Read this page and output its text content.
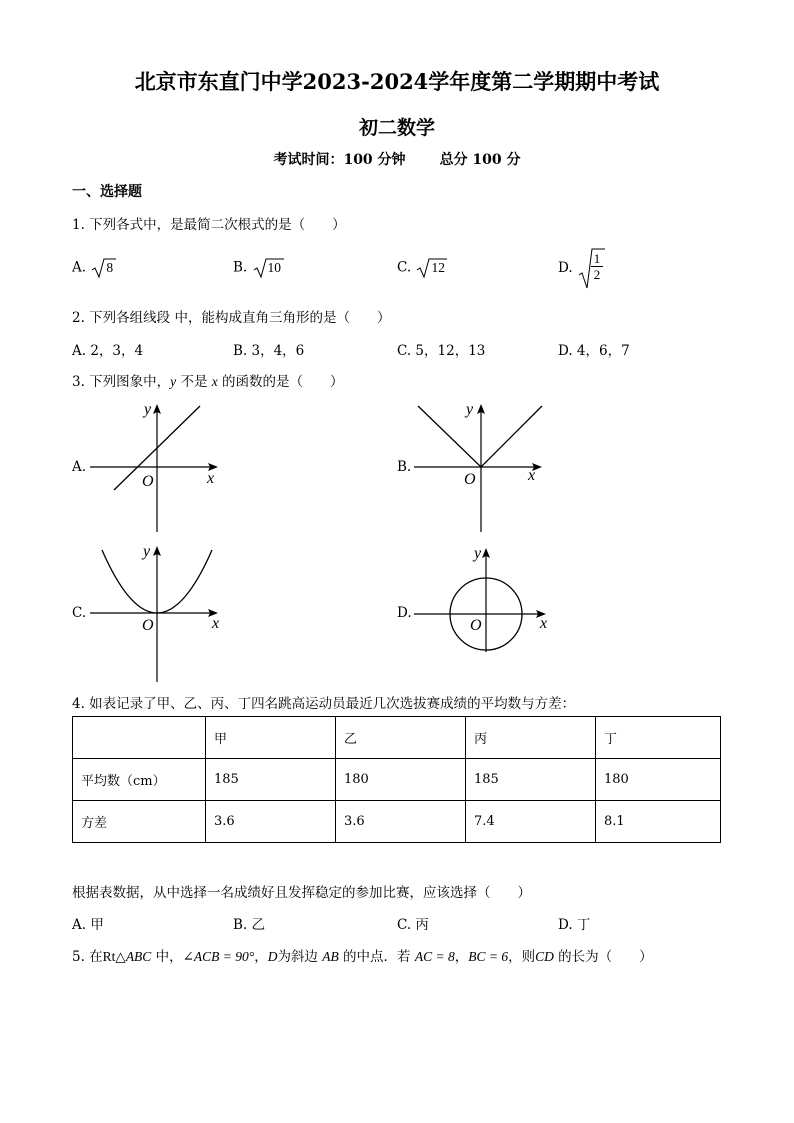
北京市东直门中学2023-2024学年度第二学期期中考试
初二数学
考试时间：100 分钟 总分 100 分
一、选择题
1. 下列各式中，是最简二次根式的是（　　）
A. 8	B. 10	C. 12	D.
1
2
2. 下列各组线段 中，能构成直角三角形的是（　　）
A. 2，3，4	B. 3，4，6	C. 5，12，13	D. 4，6，7
3. 下列图象中，y 不是 x 的函数的是（　　）
A.
y
x
O
B.
y
x
O
C.
y
x
O
D.
y
x
O
4. 如表记录了甲、乙、丙、丁四名跳高运动员最近几次选拔赛成绩的平均数与方差：
	甲	乙	丙	丁
平均数（cm）	185	180	185	180
方差	3.6	3.6	7.4	8.1
根据表数据，从中选择一名成绩好且发挥稳定的参加比赛，应该选择（　　）
A. 甲	B. 乙	C. 丙	D. 丁
5. 在Rt△ABC 中，∠ACB = 90°，D为斜边 AB 的中点．若 AC = 8，BC = 6，则CD 的长为（　　）
